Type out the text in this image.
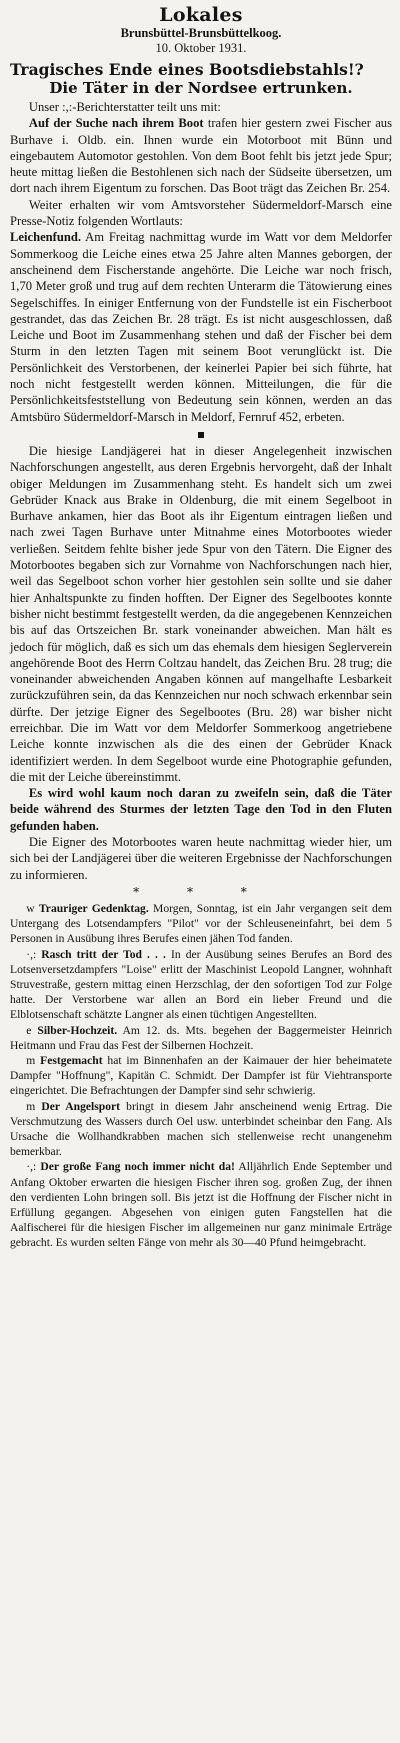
Lokales
Brunsbüttel-Brunsbüttelkoog.
10. Oktober 1931.
Tragisches Ende eines Bootsdiebstahls!?
Die Täter in der Nordsee ertrunken.

Unser :,:-Berichterstatter teilt uns mit:

Auf der Suche nach ihrem Boot trafen hier gestern zwei Fischer aus Burhave i. Oldb. ein. Ihnen wurde ein Motorboot mit Bünn und eingebautem Automotor gestohlen. Von dem Boot fehlt bis jetzt jede Spur; heute mittag ließen die Bestohlenen sich nach der Südseite übersetzen, um dort nach ihrem Eigentum zu forschen. Das Boot trägt das Zeichen Br. 254.

Weiter erhalten wir vom Amtsvorsteher Südermeldorf-Marsch eine Presse-Notiz folgenden Wortlauts:

Leichenfund. Am Freitag nachmittag wurde im Watt vor dem Meldorfer Sommerkoog die Leiche eines etwa 25 Jahre alten Mannes geborgen, der anscheinend dem Fischerstande angehörte. Die Leiche war noch frisch, 1,70 Meter groß und trug auf dem rechten Unterarm die Tätowierung eines Segelschiffes. In einiger Entfernung von der Fundstelle ist ein Fischerboot gestrandet, das das Zeichen Br. 28 trägt. Es ist nicht ausgeschlossen, daß Leiche und Boot im Zusammenhang stehen und daß der Fischer bei dem Sturm in den letzten Tagen mit seinem Boot verunglückt ist. Die Persönlichkeit des Verstorbenen, der keinerlei Papier bei sich führte, hat noch nicht festgestellt werden können. Mitteilungen, die für die Persönlichkeitsfeststellung von Bedeutung sein können, werden an das Amtsbüro Südermeldorf-Marsch in Meldorf, Fernruf 452, erbeten.

Die hiesige Landjägerei hat in dieser Angelegenheit inzwischen Nachforschungen angestellt, aus deren Ergebnis hervorgeht, daß der Inhalt obiger Meldungen im Zusammenhang steht. Es handelt sich um zwei Gebrüder Knack aus Brake in Oldenburg, die mit einem Segelboot in Burhave ankamen, hier das Boot als ihr Eigentum eintragen ließen und nach zwei Tagen Burhave unter Mitnahme eines Motorbootes wieder verließen. Seitdem fehlte bisher jede Spur von den Tätern. Die Eigner des Motorbootes begaben sich zur Vornahme von Nachforschungen nach hier, weil das Segelboot schon vorher hier gestohlen sein sollte und sie daher hier Anhaltspunkte zu finden hofften. Der Eigner des Segelbootes konnte bisher nicht bestimmt festgestellt werden, da die angegebenen Kennzeichen bis auf das Ortszeichen Br. stark voneinander abweichen. Man hält es jedoch für möglich, daß es sich um das ehemals dem hiesigen Seglerverein angehörende Boot des Herrn Coltzau handelt, das Zeichen Bru. 28 trug; die voneinander abweichenden Angaben können auf mangelhafte Lesbarkeit zurückzuführen sein, da das Kennzeichen nur noch schwach erkennbar sein dürfte. Der jetzige Eigner des Segelbootes (Bru. 28) war bisher nicht erreichbar. Die im Watt vor dem Meldorfer Sommerkoog angetriebene Leiche konnte inzwischen als die des einen der Gebrüder Knack identifiziert werden. In dem Segelboot wurde eine Photographie gefunden, die mit der Leiche übereinstimmt.

Es wird wohl kaum noch daran zu zweifeln sein, daß die Täter beide während des Sturmes der letzten Tage den Tod in den Fluten gefunden haben.

Die Eigner des Motorbootes waren heute nachmittag wieder hier, um sich bei der Landjägerei über die weiteren Ergebnisse der Nachforschungen zu informieren.

* * *

w Trauriger Gedenktag. Morgen, Sonntag, ist ein Jahr vergangen seit dem Untergang des Lotsendampfers "Pilot" vor der Schleuseneinfahrt, bei dem 5 Personen in Ausübung ihres Berufes einen jähen Tod fanden.

·,: Rasch tritt der Tod . . . In der Ausübung seines Berufes an Bord des Lotsenversetzdampfers "Loise" erlitt der Maschinist Leopold Langner, wohnhaft Struvestraße, gestern mittag einen Herzschlag, der den sofortigen Tod zur Folge hatte. Der Verstorbene war allen an Bord ein lieber Freund und die Elblotsenschaft schätzte Langner als einen tüchtigen Angestellten.

e Silber-Hochzeit. Am 12. ds. Mts. begehen der Baggermeister Heinrich Heitmann und Frau das Fest der Silbernen Hochzeit.

m Festgemacht hat im Binnenhafen an der Kaimauer der hier beheimatete Dampfer "Hoffnung", Kapitän C. Schmidt. Der Dampfer ist für Viehtransporte eingerichtet. Die Befrachtungen der Dampfer sind sehr schwierig.

m Der Angelsport bringt in diesem Jahr anscheinend wenig Ertrag. Die Verschmutzung des Wassers durch Oel usw. unterbindet scheinbar den Fang. Als Ursache die Wollhandkrabben machen sich stellenweise recht unangenehm bemerkbar.

·,: Der große Fang noch immer nicht da! Alljährlich Ende September und Anfang Oktober erwarten die hiesigen Fischer ihren sog. großen Zug, der ihnen den verdienten Lohn bringen soll. Bis jetzt ist die Hoffnung der Fischer nicht in Erfüllung gegangen. Abgesehen von einigen guten Fangstellen hat die Aalfischerei für die hiesigen Fischer im allgemeinen nur ganz minimale Erträge gebracht. Es wurden selten Fänge von mehr als 30—40 Pfund heimgebracht.
